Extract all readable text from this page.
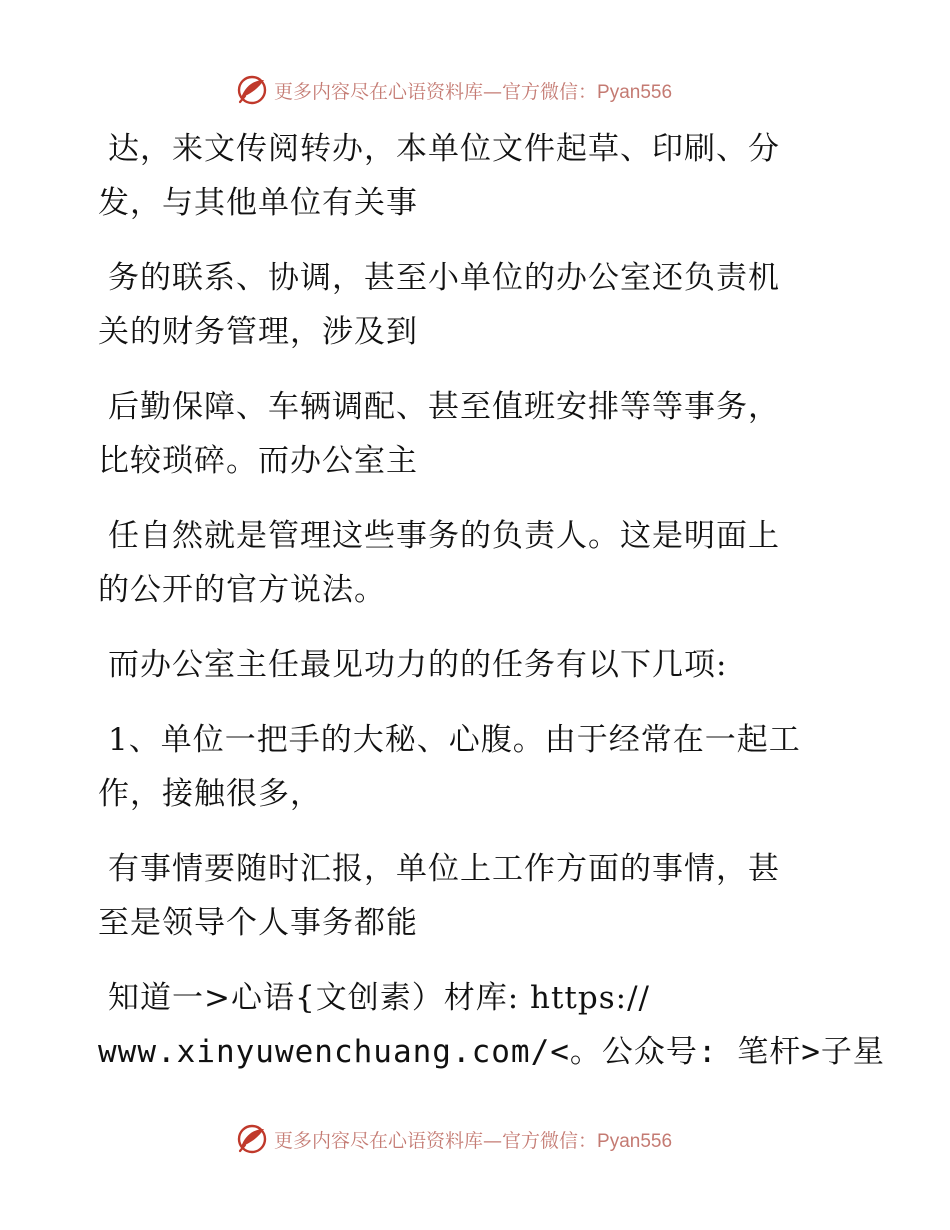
更多内容尽在心语资料库—官方微信：Pyan556

达，来文传阅转办，本单位文件起草、印刷、分
发，与其他单位有关事

务的联系、协调，甚至小单位的办公室还负责机
关的财务管理，涉及到

后勤保障、车辆调配、甚至值班安排等等事务，
比较琐碎。而办公室主

任自然就是管理这些事务的负责人。这是明面上
的公开的官方说法。

而办公室主任最见功力的的任务有以下几项:

1、单位一把手的大秘、心腹。由于经常在一起工
作，接触很多，

有事情要随时汇报，单位上工作方面的事情，甚
至是领导个人事务都能

知道一>心语{文创素）材库: https://
www.xinyuwenchuang.com/<。公众号: 笔杆>子星

更多内容尽在心语资料库—官方微信：Pyan556
